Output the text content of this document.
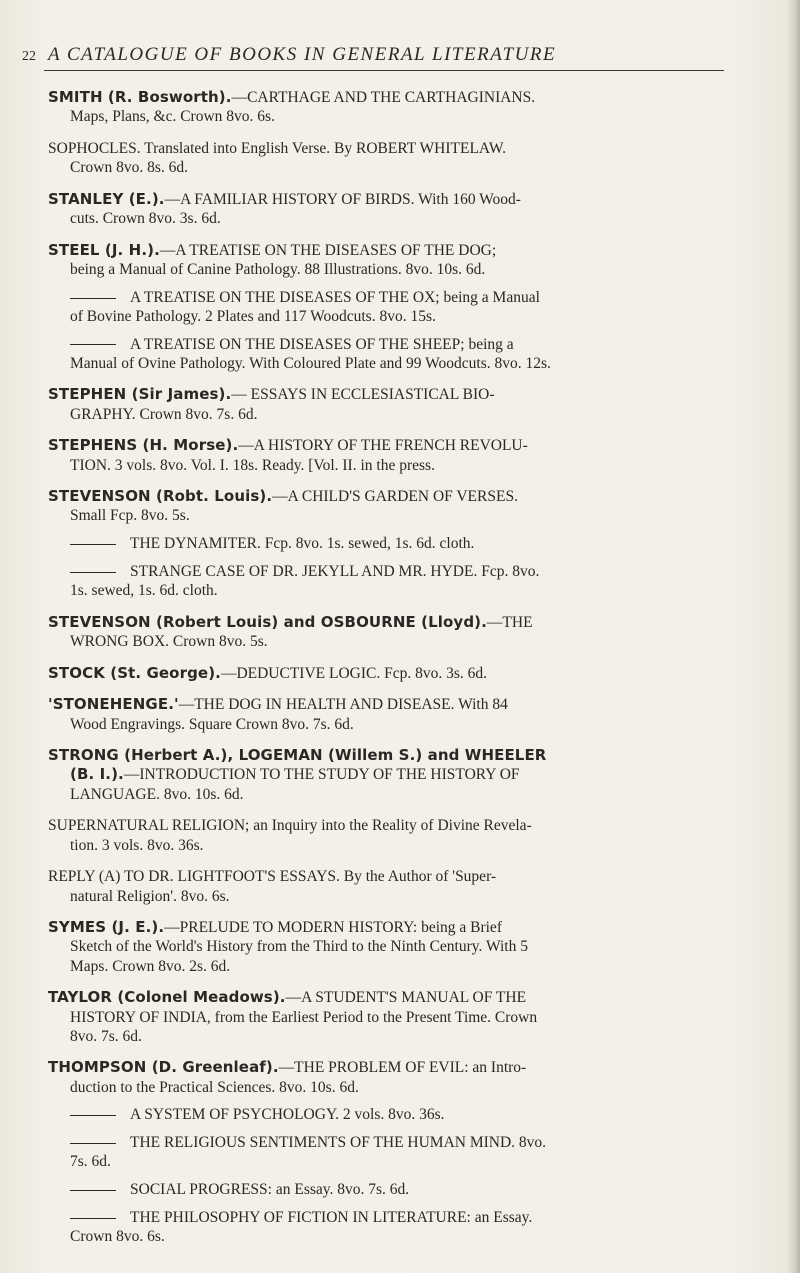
22 A CATALOGUE OF BOOKS IN GENERAL LITERATURE
SMITH (R. Bosworth).—CARTHAGE AND THE CARTHAGINIANS.
Maps, Plans, &c. Crown 8vo. 6s.
SOPHOCLES. Translated into English Verse. By ROBERT WHITELAW.
Crown 8vo. 8s. 6d.
STANLEY (E.).—A FAMILIAR HISTORY OF BIRDS. With 160 Wood-
cuts. Crown 8vo. 3s. 6d.
STEEL (J. H.).—A TREATISE ON THE DISEASES OF THE DOG;
being a Manual of Canine Pathology. 88 Illustrations. 8vo. 10s. 6d.
A TREATISE ON THE DISEASES OF THE OX; being a Manual
of Bovine Pathology. 2 Plates and 117 Woodcuts. 8vo. 15s.
A TREATISE ON THE DISEASES OF THE SHEEP; being a
Manual of Ovine Pathology. With Coloured Plate and 99 Woodcuts. 8vo. 12s.
STEPHEN (Sir James).— ESSAYS IN ECCLESIASTICAL BIO-
GRAPHY. Crown 8vo. 7s. 6d.
STEPHENS (H. Morse).—A HISTORY OF THE FRENCH REVOLU-
TION. 3 vols. 8vo. Vol. I. 18s. Ready. [Vol. II. in the press.
STEVENSON (Robt. Louis).—A CHILD'S GARDEN OF VERSES.
Small Fcp. 8vo. 5s.
THE DYNAMITER. Fcp. 8vo. 1s. sewed, 1s. 6d. cloth.
STRANGE CASE OF DR. JEKYLL AND MR. HYDE. Fcp. 8vo.
1s. sewed, 1s. 6d. cloth.
STEVENSON (Robert Louis) and OSBOURNE (Lloyd).—THE
WRONG BOX. Crown 8vo. 5s.
STOCK (St. George).—DEDUCTIVE LOGIC. Fcp. 8vo. 3s. 6d.
'STONEHENGE.'—THE DOG IN HEALTH AND DISEASE. With 84
Wood Engravings. Square Crown 8vo. 7s. 6d.
STRONG (Herbert A.), LOGEMAN (Willem S.) and WHEELER
(B. I.).—INTRODUCTION TO THE STUDY OF THE HISTORY OF
LANGUAGE. 8vo. 10s. 6d.
SUPERNATURAL RELIGION; an Inquiry into the Reality of Divine Revela-
tion. 3 vols. 8vo. 36s.
REPLY (A) TO DR. LIGHTFOOT'S ESSAYS. By the Author of 'Super-
natural Religion'. 8vo. 6s.
SYMES (J. E.).—PRELUDE TO MODERN HISTORY: being a Brief
Sketch of the World's History from the Third to the Ninth Century. With 5
Maps. Crown 8vo. 2s. 6d.
TAYLOR (Colonel Meadows).—A STUDENT'S MANUAL OF THE
HISTORY OF INDIA, from the Earliest Period to the Present Time. Crown
8vo. 7s. 6d.
THOMPSON (D. Greenleaf).—THE PROBLEM OF EVIL: an Intro-
duction to the Practical Sciences. 8vo. 10s. 6d.
A SYSTEM OF PSYCHOLOGY. 2 vols. 8vo. 36s.
THE RELIGIOUS SENTIMENTS OF THE HUMAN MIND. 8vo.
7s. 6d.
SOCIAL PROGRESS: an Essay. 8vo. 7s. 6d.
THE PHILOSOPHY OF FICTION IN LITERATURE: an Essay.
Crown 8vo. 6s.
